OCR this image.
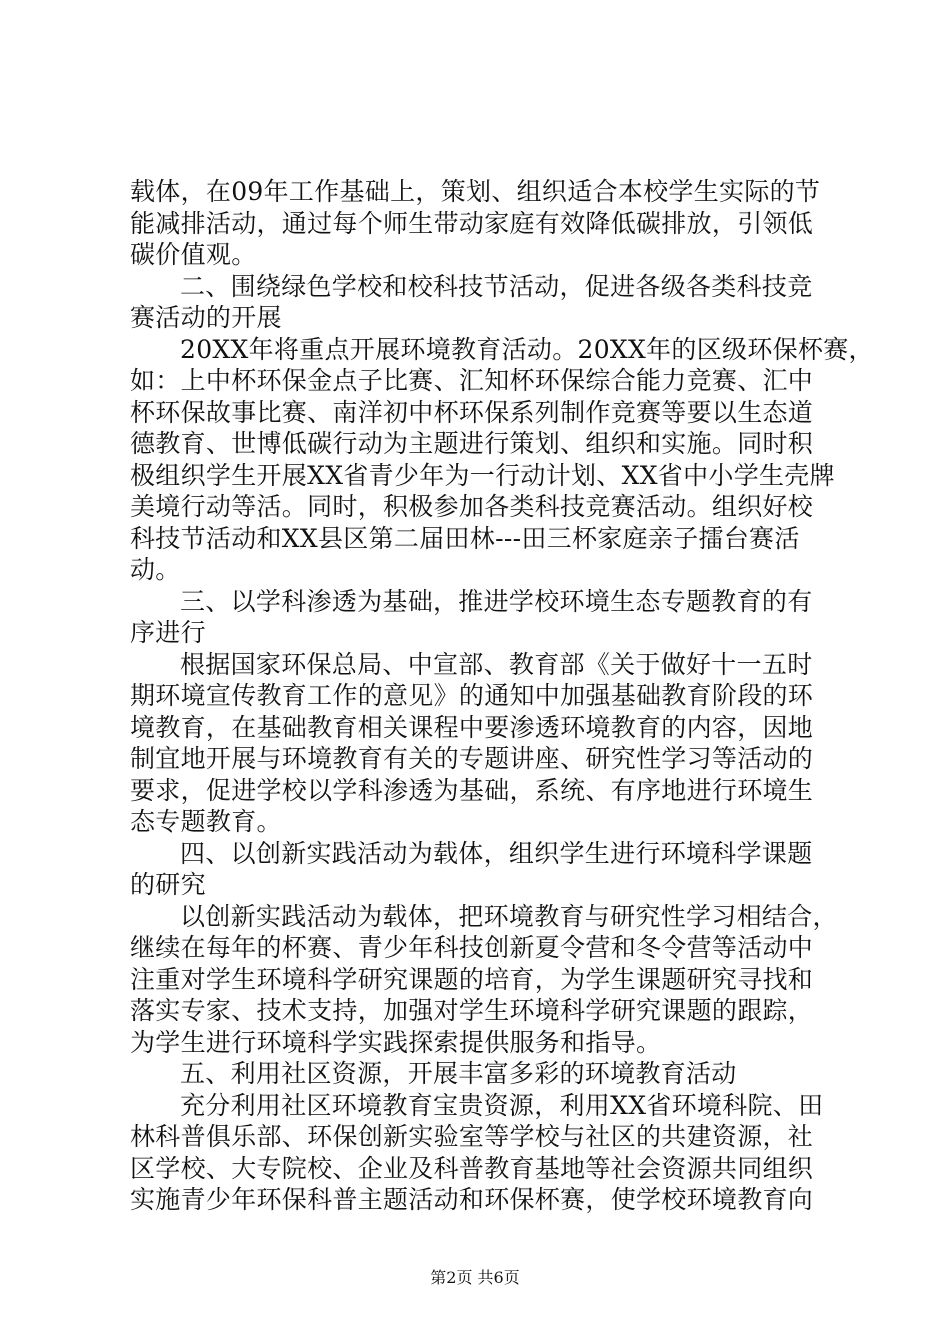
载体，在09年工作基础上，策划、组织适合本校学生实际的节
能减排活动，通过每个师生带动家庭有效降低碳排放，引领低
碳价值观。
二、围绕绿色学校和校科技节活动，促进各级各类科技竞
赛活动的开展
20XX年将重点开展环境教育活动。20XX年的区级环保杯赛，
如：上中杯环保金点子比赛、汇知杯环保综合能力竞赛、汇中
杯环保故事比赛、南洋初中杯环保系列制作竞赛等要以生态道
德教育、世博低碳行动为主题进行策划、组织和实施。同时积
极组织学生开展XX省青少年为一行动计划、XX省中小学生壳牌
美境行动等活。同时，积极参加各类科技竞赛活动。组织好校
科技节活动和XX县区第二届田林---田三杯家庭亲子擂台赛活
动。
三、以学科渗透为基础，推进学校环境生态专题教育的有
序进行
根据国家环保总局、中宣部、教育部《关于做好十一五时
期环境宣传教育工作的意见》的通知中加强基础教育阶段的环
境教育，在基础教育相关课程中要渗透环境教育的内容，因地
制宜地开展与环境教育有关的专题讲座、研究性学习等活动的
要求，促进学校以学科渗透为基础，系统、有序地进行环境生
态专题教育。
四、以创新实践活动为载体，组织学生进行环境科学课题
的研究
以创新实践活动为载体，把环境教育与研究性学习相结合，
继续在每年的杯赛、青少年科技创新夏令营和冬令营等活动中
注重对学生环境科学研究课题的培育，为学生课题研究寻找和
落实专家、技术支持，加强对学生环境科学研究课题的跟踪，
为学生进行环境科学实践探索提供服务和指导。
五、利用社区资源，开展丰富多彩的环境教育活动
充分利用社区环境教育宝贵资源，利用XX省环境科院、田
林科普俱乐部、环保创新实验室等学校与社区的共建资源，社
区学校、大专院校、企业及科普教育基地等社会资源共同组织
实施青少年环保科普主题活动和环保杯赛，使学校环境教育向
第2页 共6页
